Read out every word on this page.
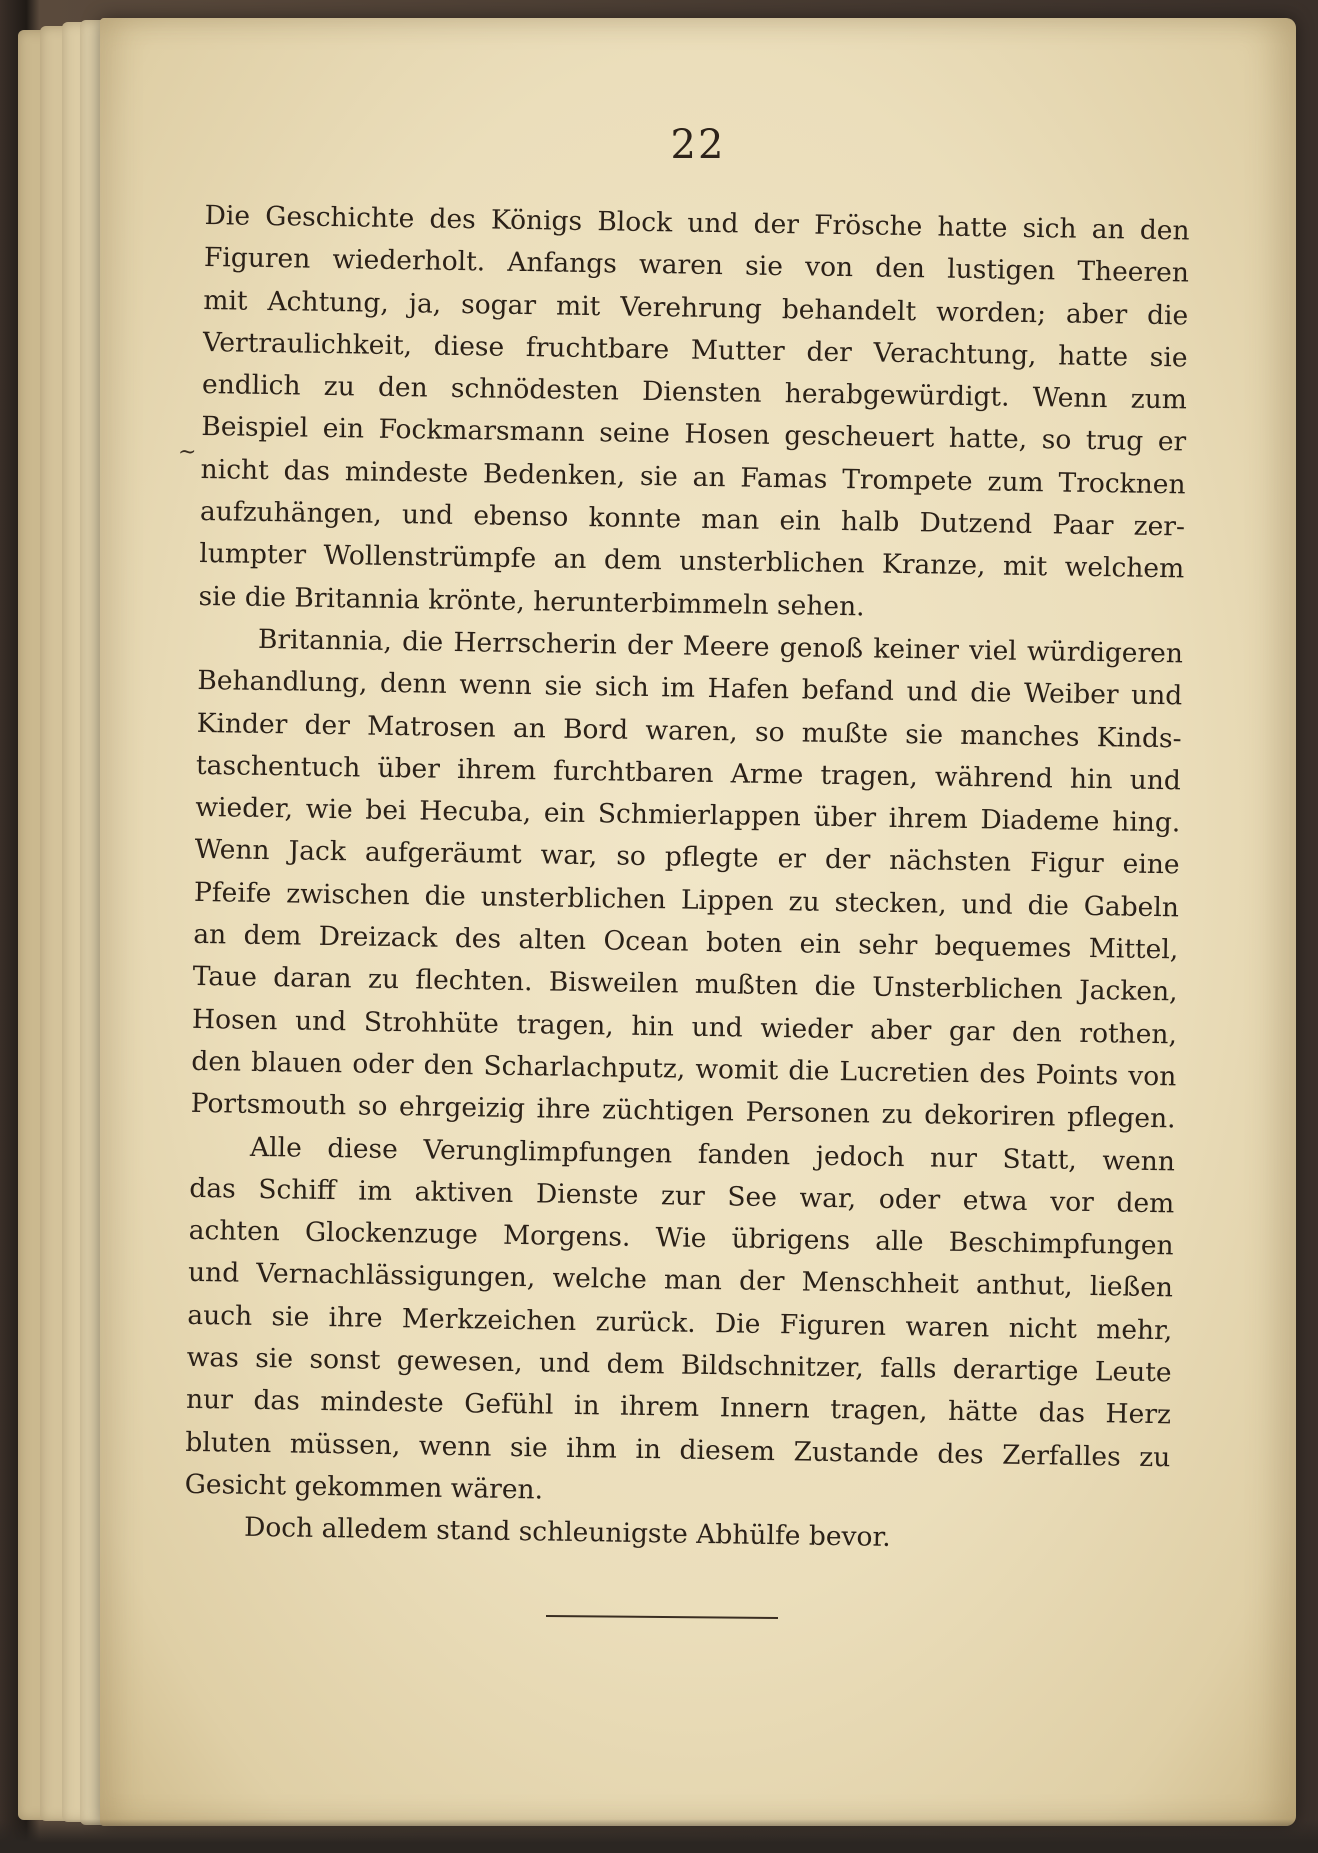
22
~
Die Geschichte des Königs Block und der Frösche hatte sich an den
Figuren wiederholt. Anfangs waren sie von den lustigen Theeren
mit Achtung, ja, sogar mit Verehrung behandelt worden; aber die
Vertraulichkeit, diese fruchtbare Mutter der Verachtung, hatte sie
endlich zu den schnödesten Diensten herabgewürdigt. Wenn zum
Beispiel ein Fockmarsmann seine Hosen gescheuert hatte, so trug er
nicht das mindeste Bedenken, sie an Famas Trompete zum Trocknen
aufzuhängen, und ebenso konnte man ein halb Dutzend Paar zer-
lumpter Wollenstrümpfe an dem unsterblichen Kranze, mit welchem
sie die Britannia krönte, herunterbimmeln sehen.
Britannia, die Herrscherin der Meere genoß keiner viel würdigeren
Behandlung, denn wenn sie sich im Hafen befand und die Weiber und
Kinder der Matrosen an Bord waren, so mußte sie manches Kinds-
taschentuch über ihrem furchtbaren Arme tragen, während hin und
wieder, wie bei Hecuba, ein Schmierlappen über ihrem Diademe hing.
Wenn Jack aufgeräumt war, so pflegte er der nächsten Figur eine
Pfeife zwischen die unsterblichen Lippen zu stecken, und die Gabeln
an dem Dreizack des alten Ocean boten ein sehr bequemes Mittel,
Taue daran zu flechten. Bisweilen mußten die Unsterblichen Jacken,
Hosen und Strohhüte tragen, hin und wieder aber gar den rothen,
den blauen oder den Scharlachputz, womit die Lucretien des Points von
Portsmouth so ehrgeizig ihre züchtigen Personen zu dekoriren pflegen.
Alle diese Verunglimpfungen fanden jedoch nur Statt, wenn
das Schiff im aktiven Dienste zur See war, oder etwa vor dem
achten Glockenzuge Morgens. Wie übrigens alle Beschimpfungen
und Vernachlässigungen, welche man der Menschheit anthut, ließen
auch sie ihre Merkzeichen zurück. Die Figuren waren nicht mehr,
was sie sonst gewesen, und dem Bildschnitzer, falls derartige Leute
nur das mindeste Gefühl in ihrem Innern tragen, hätte das Herz
bluten müssen, wenn sie ihm in diesem Zustande des Zerfalles zu
Gesicht gekommen wären.
Doch alledem stand schleunigste Abhülfe bevor.
